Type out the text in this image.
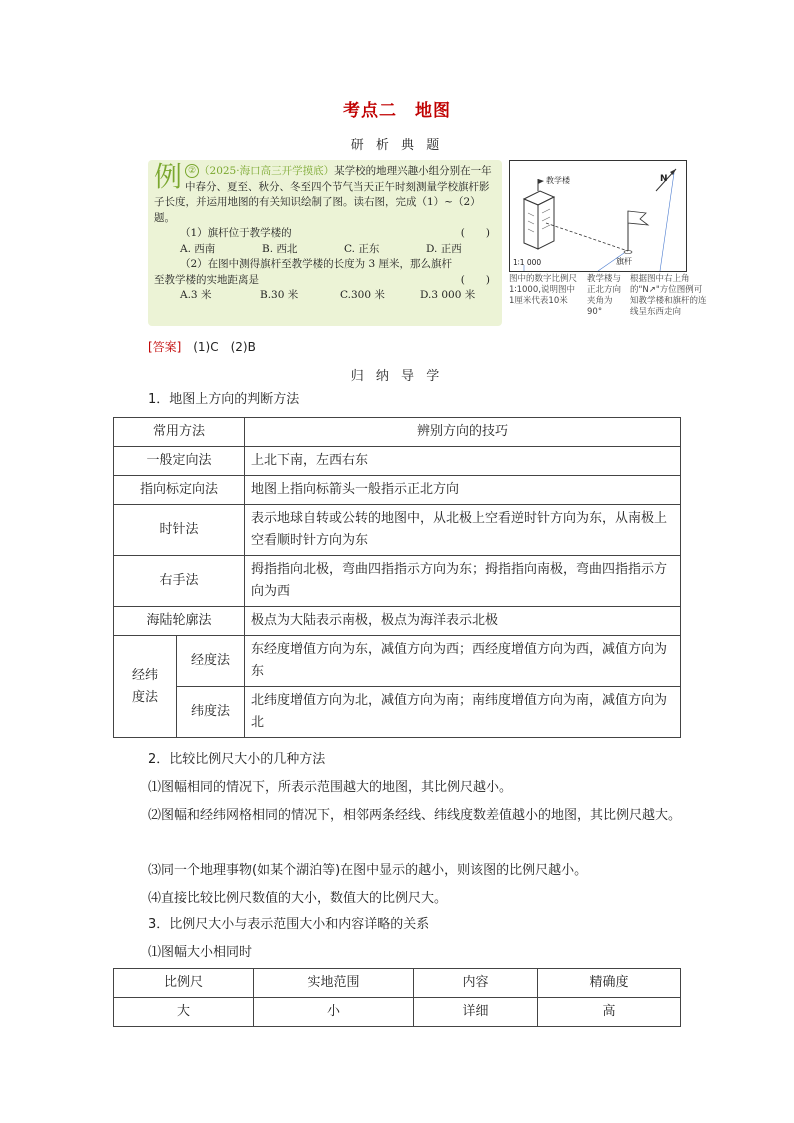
考点二　地图
研 析 典 题
例 ② （2025·海口高三开学摸底）某学校的地理兴趣小组分别在一年中春分、夏至、秋分、冬至四个节气当天正午时刻测量学校旗杆影子长度，并运用地图的有关知识绘制了图。读右图，完成（1）~（2）题。
（1）旗杆位于教学楼的	(　　)
A. 西南	B. 西北	C. 正东	D. 正西
（2）在图中测得旗杆至教学楼的长度为 3 厘米，那么旗杆至教学楼的实地距离是	(　　)
A.3 米	B.30 米	C.300 米	D.3 000 米
教学楼
旗杆
1∶1 000
N
图中的数字比例尺1∶1000,说明图中1厘米代表10米
教学楼与正北方向夹角为90°
根据图中右上角的"N↗"方位图例可知教学楼和旗杆的连线呈东西走向
[答案] (1)C　(2)B
归 纳 导 学
1．地图上方向的判断方法
常用方法		辨别方向的技巧
一般定向法		上北下南，左西右东
指向标定向法		地图上指向标箭头一般指示正北方向
时针法		表示地球自转或公转的地图中，从北极上空看逆时针方向为东，从南极上空看顺时针方向为东
右手法		拇指指向北极，弯曲四指指示方向为东；拇指指向南极，弯曲四指指示方向为西
海陆轮廓法		极点为大陆表示南极，极点为海洋表示北极
经纬度法	经度法	东经度增值方向为东，减值方向为西；西经度增值方向为西，减值方向为东
	纬度法	北纬度增值方向为北，减值方向为南；南纬度增值方向为南，减值方向为北
2．比较比例尺大小的几种方法
⑴图幅相同的情况下，所表示范围越大的地图，其比例尺越小。
⑵图幅和经纬网格相同的情况下，相邻两条经线、纬线度数差值越小的地图，其比例尺越大。
⑶同一个地理事物(如某个湖泊等)在图中显示的越小，则该图的比例尺越小。
⑷直接比较比例尺数值的大小，数值大的比例尺大。
3．比例尺大小与表示范围大小和内容详略的关系
⑴图幅大小相同时
比例尺	实地范围	内容	精确度
大	小	详细	高
